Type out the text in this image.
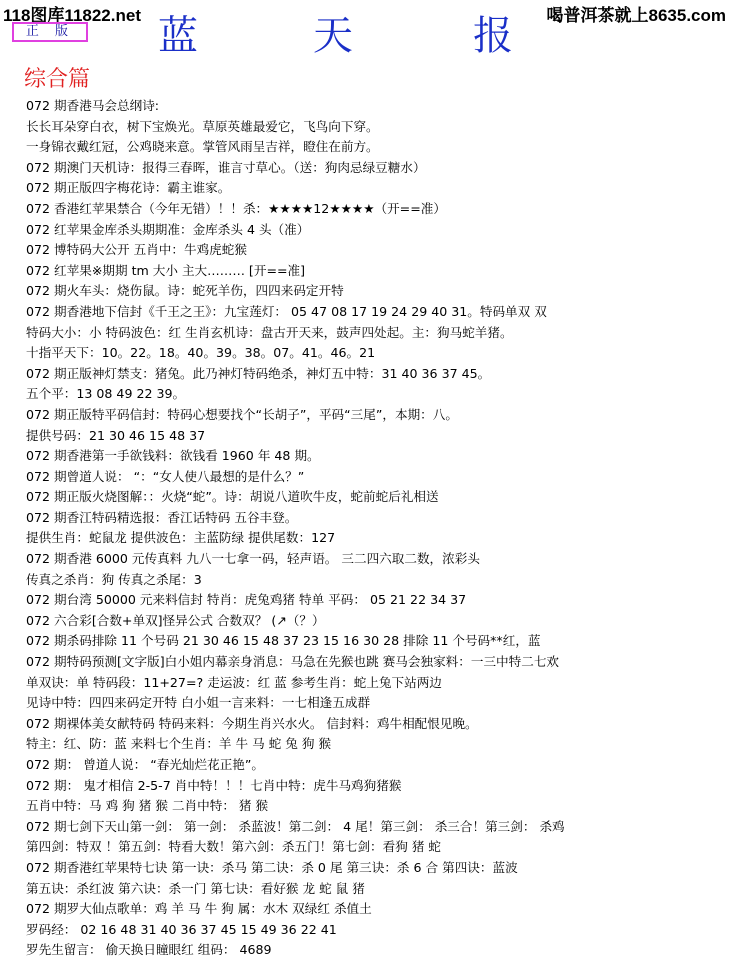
118图库11822.net	喝普洱茶就上8635.com
正 版	蓝	天	报
综合篇
072 期香港马会总纲诗:
长长耳朵穿白衣，树下宝焕光。草原英雄最爱它，飞鸟向下穿。
一身锦衣戴红冠，公鸡晓来意。掌管风雨呈吉祥，瞪住在前方。
072 期澳门天机诗：报得三春晖，谁言寸草心。（送：狗肉忌绿豆糖水）
072 期正版四字梅花诗：霸主谁家。
072 香港红苹果禁合（今年无错）！！杀：★★★★12★★★★（开==准）
072 红苹果金库杀头期期准：金库杀头 4 头（准）
072 博特码大公开 五肖中：牛鸡虎蛇猴
072 红苹果※期期 tm 大小 主大……… [开==准]
072 期火车头：烧伤鼠。诗：蛇死羊伤，四四来码定开特
072 期香港地下信封《千王之王》：九宝莲灯： 05 47 08 17 19 24 29 40 31。特码单双 双
特码大小：小 特码波色：红 生肖玄机诗：盘古开天来，鼓声四处起。主：狗马蛇羊猪。
十指平天下：10。22。18。40。39。38。07。41。46。21
072 期正版神灯禁支：猪兔。此乃神灯特码绝杀，神灯五中特：31 40 36 37 45。
五个平：13 08 49 22 39。
072 期正版特平码信封：特码心想要找个“长胡子”，平码“三尾”，本期：八。
提供号码：21 30 46 15 48 37
072 期香港第一手欲钱料：欲钱看 1960 年 48 期。
072 期曾道人说： “：“女人使八最想的是什么？”
072 期正版火烧图解：：火烧“蛇”。诗：胡说八道吹牛皮，蛇前蛇后礼相送
072 期香江特码精选报：香江话特码 五谷丰登。
提供生肖：蛇鼠龙 提供波色：主蓝防绿 提供尾数：127
072 期香港 6000 元传真料 九八一七拿一码，轻声语。 三二四六取二数，浓彩头
传真之杀肖：狗 传真之杀尾：3
072 期台湾 50000 元来料信封 特肖：虎兔鸡猪 特单 平码： 05 21 22 34 37
072 六合彩[合数+单双]怪异公式 合数双？ (↗（？）
072 期杀码排除 11 个号码 21 30 46 15 48 37 23 15 16 30 28 排除 11 个号码**红，蓝
072 期特码预测[文字版]白小姐内幕亲身消息：马急在先猴也跳 赛马会独家料：一三中特二七欢
单双诀：单 特码段：11+27=? 走运波：红 蓝 参考生肖：蛇上兔下站两边
见诗中特：四四来码定开特 白小姐一言来料：一七相逢五成群
072 期裸体美女献特码 特码来料：今期生肖兴水火。 信封料：鸡牛相配恨见晚。
特主：红、防：蓝 来料七个生肖：羊 牛 马 蛇 兔 狗 猴
072 期： 曾道人说： “春光灿烂花正艳”。
072 期： 鬼才相信 2-5-7 肖中特！！！七肖中特：虎牛马鸡狗猪猴
五肖中特：马 鸡 狗 猪 猴 二肖中特： 猪 猴
072 期七剑下天山第一剑： 第一剑： 杀蓝波！第二剑： 4 尾！第三剑： 杀三合！第三剑： 杀鸡
第四剑：特双 ！第五剑：特看大数！第六剑：杀五门！第七剑：看狗 猪 蛇
072 期香港红苹果特七诀 第一诀：杀马 第二诀：杀 0 尾 第三诀：杀 6 合 第四诀：蓝波
第五诀：杀红波 第六诀：杀一门 第七诀：看好猴 龙 蛇 鼠 猪
072 期罗大仙点歌单：鸡 羊 马 牛 狗 属：水木 双绿红 杀值土
罗码经： 02 16 48 31 40 36 37 45 15 49 36 22 41
罗先生留言： 偷天换日瞳眼红 组码： 4689
